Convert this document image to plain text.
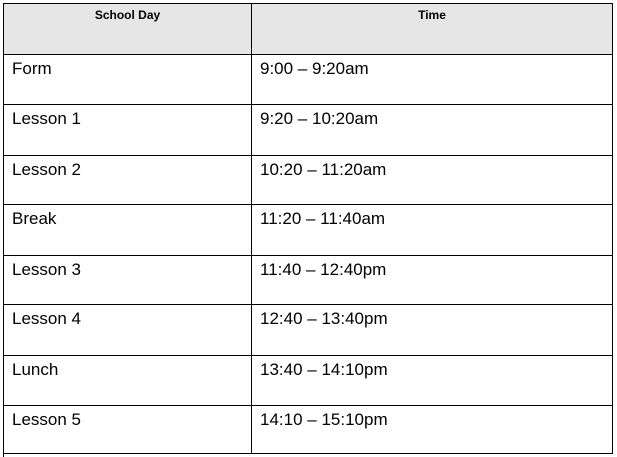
School Day	Time
Form	9:00 – 9:20am
Lesson 1	9:20 – 10:20am
Lesson 2	10:20 – 11:20am
Break	11:20 – 11:40am
Lesson 3	11:40 – 12:40pm
Lesson 4	12:40 – 13:40pm
Lunch	13:40 – 14:10pm
Lesson 5	14:10 – 15:10pm
